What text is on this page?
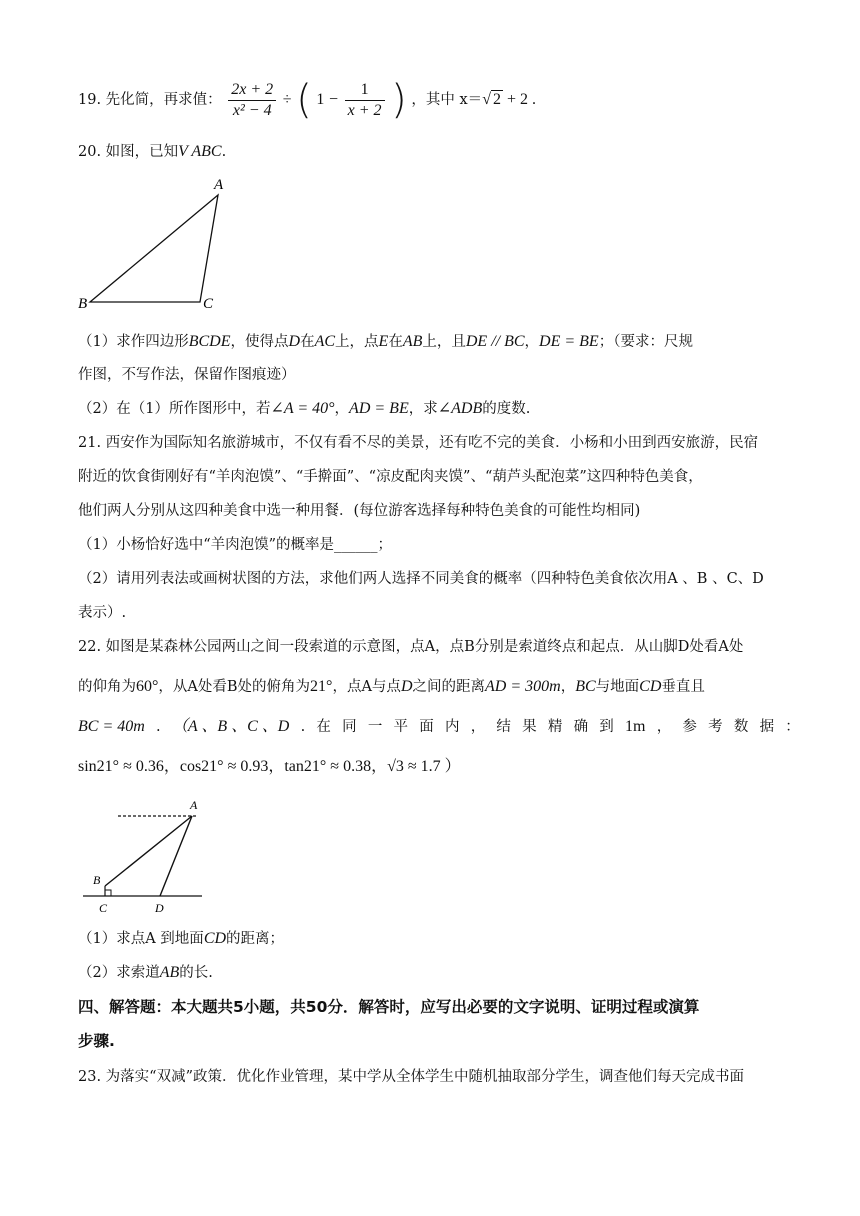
19. 先化简，再求值： $\frac{2x + 2}{\text{x² − 4}}$ ÷ ( $1 - \frac{1}{x + 2}$ ) ，其中 x＝√ 2 + 2 .
20. 如图，已知V ABC.
A
B	C
（1）求作四边形BCDE，使得点D在AC上，点E在AB上，且DE // BC，DE = BE；（要求：尺规
作图，不写作法，保留作图痕迹）
（2）在（1）所作图形中，若∠A = 40°，AD = BE，求∠ADB的度数.
21. 西安作为国际知名旅游城市，不仅有看不尽的美景，还有吃不完的美食．小杨和小田到西安旅游，民宿
附近的饮食街刚好有“羊肉泡馍”、“手擀面”、“凉皮配肉夹馍”、“葫芦头配泡菜”这四种特色美食，
他们两人分别从这四种美食中选一种用餐．(每位游客选择每种特色美食的可能性均相同)
（1）小杨恰好选中“羊肉泡馍”的概率是______；
（2）请用列表法或画树状图的方法，求他们两人选择不同美食的概率（四种特色美食依次用A 、B 、C、D
表示）.
22. 如图是某森林公园两山之间一段索道的示意图，点A，点B分别是索道终点和起点．从山脚D处看A处
的仰角为60°，从A处看B处的俯角为21°，点A与点D之间的距离AD = 300m，BC与地面CD垂直且
BC = 40m . （A 、B 、C 、D . 在 同 一 平 面 内 ， 结 果 精 确 到 1m ， 参 考 数 据 ：
sin21° ≈ 0.36，cos21° ≈ 0.93，tan21° ≈ 0.38，√3 ≈ 1.7 ）
A
B
C	D
（1）求点A 到地面CD的距离；
（2）求索道AB的长.
四、解答题：本大题共5小题，共50分．解答时，应写出必要的文字说明、证明过程或演算
步骤.
23. 为落实“双减”政策．优化作业管理，某中学从全体学生中随机抽取部分学生，调查他们每天完成书面
